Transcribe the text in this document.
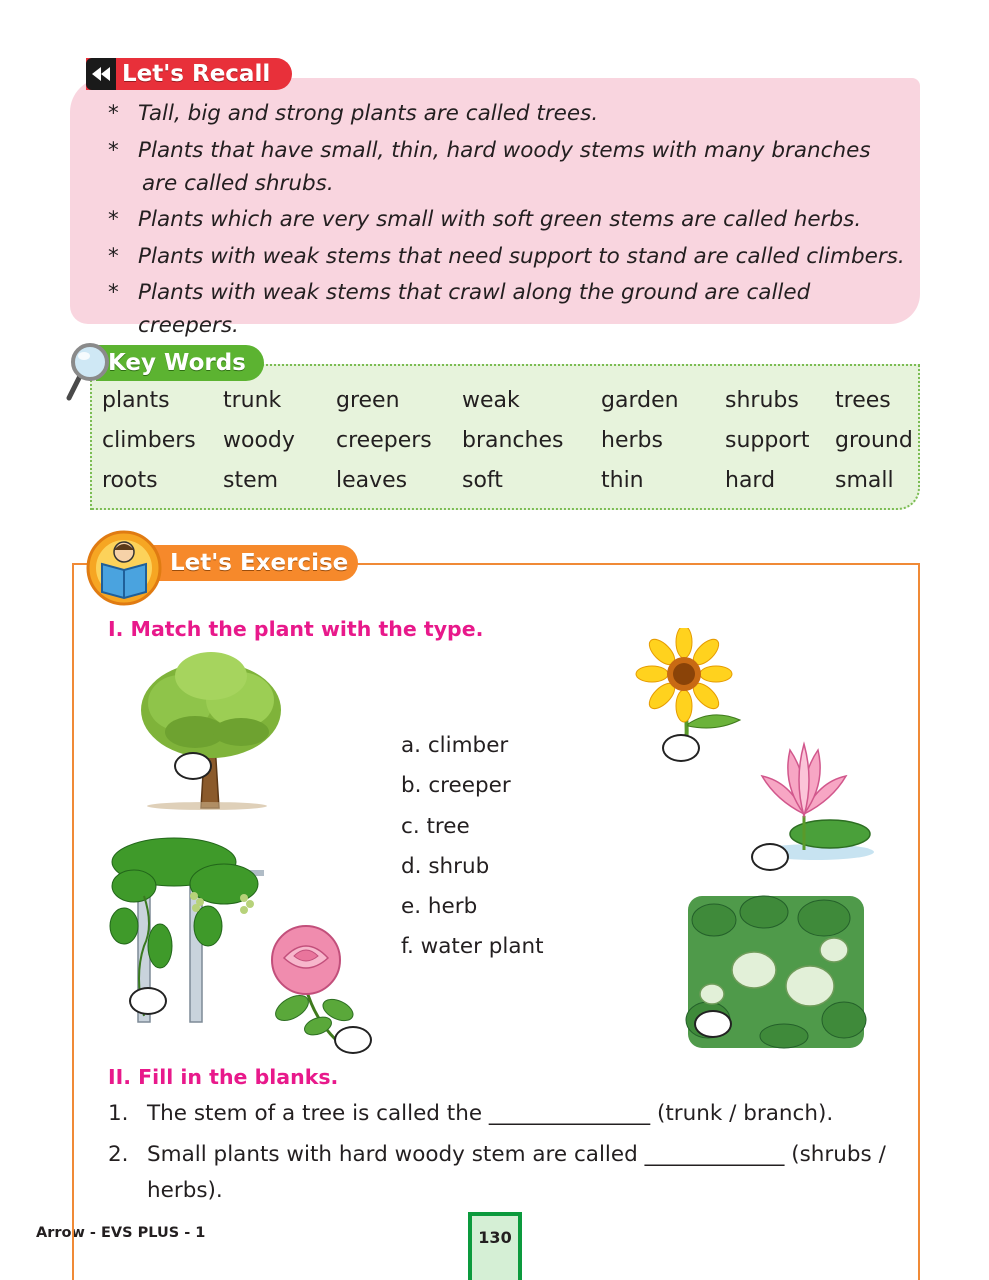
Let's Recall
* Tall, big and strong plants are called trees.
* Plants that have small, thin, hard woody stems with many branches
are called shrubs.
* Plants which are very small with soft green stems are called herbs.
* Plants with weak stems that need support to stand are called climbers.
* Plants with weak stems that crawl along the ground are called creepers.
Key Words
plants trunk green	weak	garden shrubs trees
climbers woody creepers branches herbs	support ground
roots	stem	leaves soft	thin	hard	small
Let's Exercise
I. Match the plant with the type.
a. climber
b. creeper
c. tree
d. shrub
e. herb
f. water plant
II. Fill in the blanks.
1. The stem of a tree is called the _______________ (trunk / branch).
2. Small plants with hard woody stem are called _____________ (shrubs /
herbs).
Arrow - EVS PLUS - 1	130
